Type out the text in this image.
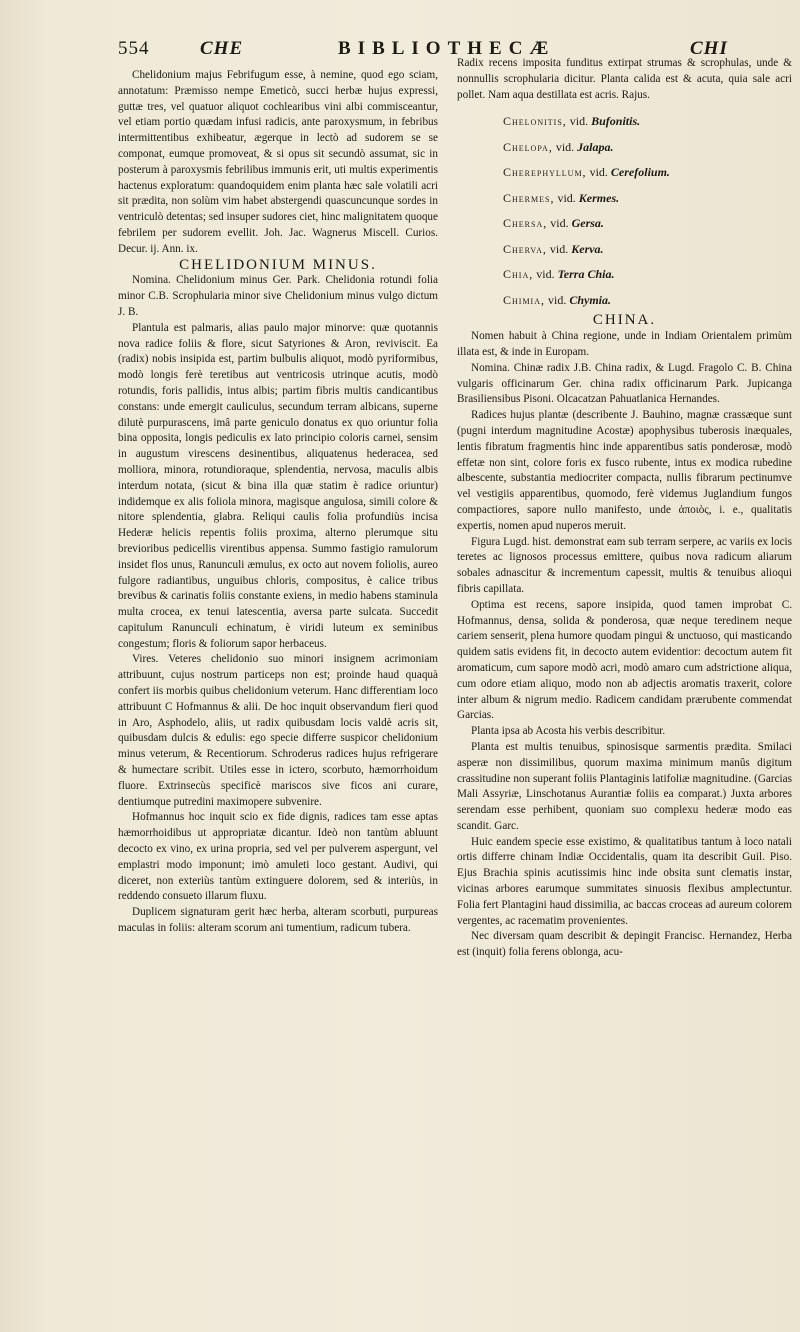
554	CHE	BIBLIOTHECÆ	CHI

Chelidonium majus Febrifugum esse, à nemine, quod ego sciam, annotatum: Præmisso nempe Emeticò, succi herbæ hujus expressi, guttæ tres, vel quatuor aliquot cochlearibus vini albi commisceantur, vel etiam portio quædam infusi radicis, ante paroxysmum, in febribus intermittentibus exhibeatur, ægerque in lectò ad sudorem se se componat, eumque promoveat, & si opus sit secundò assumat, sic in posterum à paroxysmis febrilibus immunis erit, uti multis experimentis hactenus exploratum: quandoquidem enim planta hæc sale volatili acri sit prædita, non solùm vim habet abstergendi quascuncunque sordes in ventriculò detentas; sed insuper sudores ciet, hinc malignitatem quoque febrilem per sudorem evellit. Joh. Jac. Wagnerus Miscell. Curios. Decur. ij. Ann. ix.

CHELIDONIUM MINUS.

Nomina. Chelidonium minus Ger. Park. Chelidonia rotundi folia minor C.B. Scrophularia minor sive Chelidonium minus vulgo dictum J. B.

Plantula est palmaris, alias paulo major minorve: quæ quotannis nova radice foliis & flore, sicut Satyriones & Aron, reviviscit. Ea (radix) nobis insipida est, partim bulbulis aliquot, modò pyriformibus, modò longis ferè teretibus aut ventricosis utrinque acutis, modò rotundis, foris pallidis, intus albis; partim fibris multis candicantibus constans: unde emergit cauliculus, secundum terram albicans, superne dilutè purpurascens, imâ parte geniculo donatus ex quo oriuntur folia bina opposita, longis pediculis ex lato principio coloris carnei, sensim in augustum virescens desinentibus, aliquatenus hederacea, sed molliora, minora, rotundioraque, splendentia, nervosa, maculis albis interdum notata, (sicut & bina illa quæ statim è radice oriuntur) indidemque ex alis foliola minora, magisque angulosa, simili colore & nitore splendentia, glabra. Reliqui caulis folia profundiùs incisa Hederæ helicis repentis foliis proxima, alterno plerumque situ brevioribus pedicellis virentibus appensa. Summo fastigio ramulorum insidet flos unus, Ranunculi æmulus, ex octo aut novem foliolis, aureo fulgore radiantibus, unguibus chloris, compositus, è calice tribus brevibus & carinatis foliis constante exiens, in medio habens staminula multa crocea, ex tenui latescentia, aversa parte sulcata. Succedit capitulum Ranunculi echinatum, è viridi luteum ex seminibus congestum; floris & foliorum sapor herbaceus.

Vires. Veteres chelidonio suo minori insignem acrimoniam attribuunt, cujus nostrum particeps non est; proinde haud quaquà confert iis morbis quibus chelidonium veterum. Hanc differentiam loco attribuunt C Hofmannus & alii. De hoc inquit observandum fieri quod in Aro, Asphodelo, aliis, ut radix quibusdam locis valdè acris sit, quibusdam dulcis & edulis: ego specie differre suspicor chelidonium minus veterum, & Recentiorum. Schroderus radices hujus refrigerare & humectare scribit. Utiles esse in ictero, scorbuto, hæmorrhoidum fluore. Extrinsecùs specificè mariscos sive ficos ani curare, dentiumque putredini maximopere subvenire.

Hofmannus hoc inquit scio ex fide dignis, radices tam esse aptas hæmorrhoidibus ut appropriatæ dicantur. Ideò non tantùm abluunt decocto ex vino, ex urina propria, sed vel per pulverem aspergunt, vel emplastri modo imponunt; imò amuleti loco gestant. Audivi, qui diceret, non exteriùs tantùm extinguere dolorem, sed & interiùs, in reddendo consueto illarum fluxu.

Duplicem signaturam gerit hæc herba, alteram scorbuti, purpureas maculas in foliis: alteram scorum ani tumentium, radicum tubera.

Radix recens imposita funditus extirpat strumas & scrophulas, unde & nonnullis scrophularia dicitur. Planta calida est & acuta, quia sale acri pollet. Nam aqua destillata est acris. Rajus.

Chelonitis, vid. Bufonitis.

Chelopa, vid. Jalapa.

Cherephyllum, vid. Cerefolium.

Chermes, vid. Kermes.

Chersa, vid. Gersa.

Cherva, vid. Kerva.

Chia, vid. Terra Chia.

Chimia, vid. Chymia.

CHINA.

Nomen habuit à China regione, unde in Indiam Orientalem primùm illata est, & inde in Europam.

Nomina. Chinæ radix J.B. China radix, & Lugd. Fragolo C. B. China vulgaris officinarum Ger. china radix officinarum Park. Jupicanga Brasiliensibus Pisoni. Olcacatzan Pahuatlanica Hernandes.

Radices hujus plantæ (describente J. Bauhino, magnæ crassæque sunt (pugni interdum magnitudine Acostæ) apophysibus tuberosis inæquales, lentis fibratum fragmentis hinc inde apparentibus satis ponderosæ, modò effetæ non sint, colore foris ex fusco rubente, intus ex modica rubedine albescente, substantia mediocriter compacta, nullis fibrarum pectinumve vel vestigiis apparentibus, quomodo, ferè videmus Juglandium fungos compactiores, sapore nullo manifesto, unde ἀποιὸς, i. e., qualitatis expertis, nomen apud nuperos meruit.

Figura Lugd. hist. demonstrat eam sub terram serpere, ac variis ex locis teretes ac lignosos processus emittere, quibus nova radicum aliarum sobales adnascitur & incrementum capessit, multis & tenuibus alioqui fibris capillata.

Optima est recens, sapore insipida, quod tamen improbat C. Hofmannus, densa, solida & ponderosa, quæ neque teredinem neque cariem senserit, plena humore quodam pingui & unctuoso, qui masticando quidem satis evidens fit, in decocto autem evidentior: decoctum autem fit aromaticum, cum sapore modò acri, modò amaro cum adstrictione aliqua, cum odore etiam aliquo, modo non ab adjectis aromatis traxerit, colore inter album & nigrum medio. Radicem candidam prærubente commendat Garcias.

Planta ipsa ab Acosta his verbis describitur.

Planta est multis tenuibus, spinosisque sarmentis prædita. Smilaci asperæ non dissimilibus, quorum maxima minimum manûs digitum crassitudine non superant foliis Plantaginis latifoliæ magnitudine. (Garcias Mali Assyriæ, Linschotanus Aurantiæ foliis ea comparat.) Juxta arbores serendam esse perhibent, quoniam suo complexu hederæ modo eas scandit. Garc.

Huic eandem specie esse existimo, & qualitatibus tantum à loco natali ortis differre chinam Indiæ Occidentalis, quam ita describit Guil. Piso. Ejus Brachia spinis acutissimis hinc inde obsita sunt clematis instar, vicinas arbores earumque summitates sinuosis flexibus amplectuntur. Folia fert Plantagini haud dissimilia, ac baccas croceas ad aureum colorem vergentes, ac racematim provenientes.

Nec diversam quam describit & depingit Francisc. Hernandez, Herba est (inquit) folia ferens oblonga, acu-
